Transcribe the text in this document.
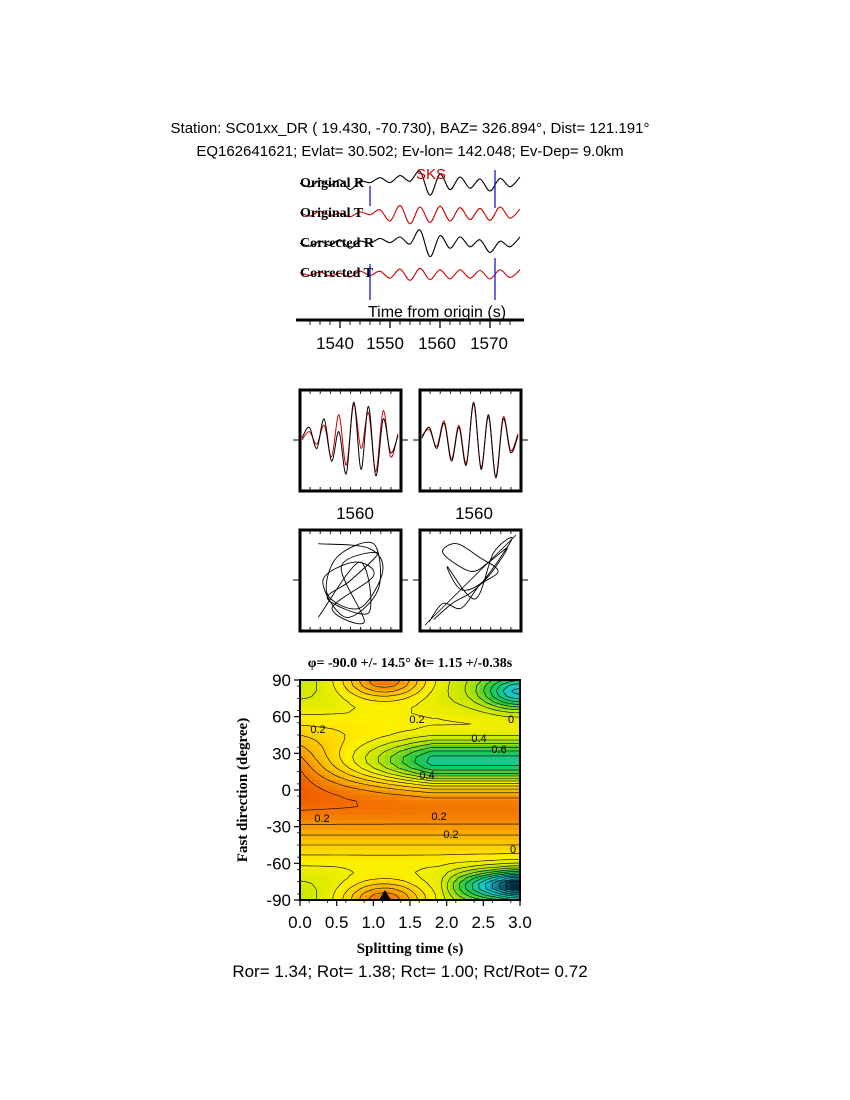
Station: SC01xx_DR ( 19.430, -70.730), BAZ= 326.894°, Dist= 121.191°
EQ162641621; Evlat= 30.502; Ev-lon= 142.048; Ev-Dep= 9.0km
Original R
Original T
Corrected R
Corrected T
SKS
Time from origin (s)
1540 1550 1560 1570
1560	1560
φ= -90.0 +/- 14.5° δt= 1.15 +/-0.38s
0.2
0.2
0.4
0.6
0.2
0.2
0.2
0.4
0
0
0.0 0.5 1.0 1.5 2.0 2.5 3.0
90
60
30
0
-30
-60
-90
Splitting time (s)
Fast direction (degree)
Ror= 1.34; Rot= 1.38; Rct= 1.00; Rct/Rot= 0.72
